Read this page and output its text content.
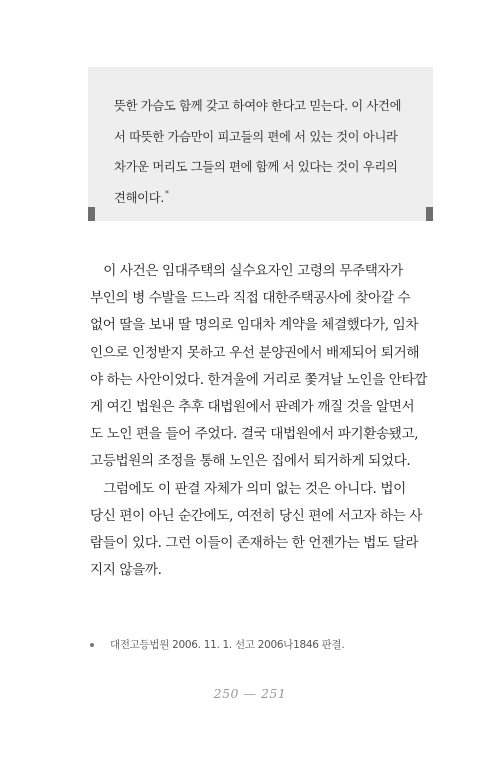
뜻한 가슴도 함께 갖고 하여야 한다고 믿는다. 이 사건에
서 따뜻한 가슴만이 피고들의 편에 서 있는 것이 아니라
차가운 머리도 그들의 편에 함께 서 있다는 것이 우리의
견해이다.*
　이 사건은 임대주택의 실수요자인 고령의 무주택자가
부인의 병 수발을 드느라 직접 대한주택공사에 찾아갈 수
없어 딸을 보내 딸 명의로 임대차 계약을 체결했다가, 임차
인으로 인정받지 못하고 우선 분양권에서 배제되어 퇴거해
야 하는 사안이었다. 한겨울에 거리로 쫓겨날 노인을 안타깝
게 여긴 법원은 추후 대법원에서 판례가 깨질 것을 알면서
도 노인 편을 들어 주었다. 결국 대법원에서 파기환송됐고,
고등법원의 조정을 통해 노인은 집에서 퇴거하게 되었다.
　그럼에도 이 판결 자체가 의미 없는 것은 아니다. 법이
당신 편이 아닌 순간에도, 여전히 당신 편에 서고자 하는 사
람들이 있다. 그런 이들이 존재하는 한 언젠가는 법도 달라
지지 않을까.
대전고등법원 2006. 11. 1. 선고 2006나1846 판결.
250 — 251
